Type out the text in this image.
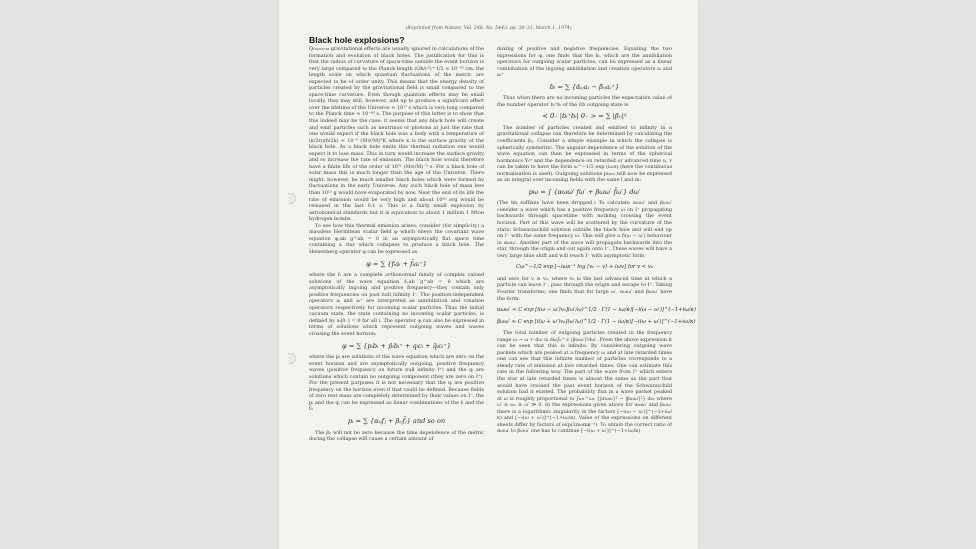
(Reprinted from Nature, Vol. 248, No. 5443, pp. 30–31, March 1, 1974)
Black hole explosions?

Quantum gravitational effects are usually ignored in calculations of the formation and evolution of black holes. The justification for this is that the radius of curvature of space-time outside the event horizon is very large compared to the Planck length (Għ/c³)^1/2 ≈ 10⁻³³ cm, the length scale on which quantum fluctuations of the metric are expected to be of order unity. This means that the energy density of particles created by the gravitational field is small compared to the space-time curvature. Even though quantum effects may be small locally, they may still, however, add up to produce a significant effect over the lifetime of the Universe ≈ 10¹⁷ s which is very long compared to the Planck time ≈ 10⁻⁴³ s. The purpose of this letter is to show that this indeed may be the case: it seems that any black hole will create and emit particles such as neutrinos or photons at just the rate that one would expect if the black hole was a body with a temperature of (κ/2π)(ħ/2k) ≈ 10⁻⁶ (M⊙/M)°K where κ is the surface gravity of the black hole. As a black hole emits this thermal radiation one would expect it to lose mass. This in turn would increase the surface gravity and so increase the rate of emission. The black hole would therefore have a finite life of the order of 10⁷¹ (M⊙/M)⁻³ s. For a black hole of solar mass this is much longer than the age of the Universe. There might, however, be much smaller black holes which were formed by fluctuations in the early Universe. Any such black hole of mass less than 10¹⁵ g would have evaporated by now. Near the end of its life the rate of emission would be very high and about 10³⁰ erg would be released in the last 0.1 s. This is a fairly small explosion by astronomical standards but it is equivalent to about 1 million 1 Mton hydrogen bombs.

To see how this thermal emission arises, consider (for simplicity) a massless Hermitean scalar field φ which obeys the covariant wave equation φ;ab g^ab = 0 in an asymptotically flat space time containing a star which collapses to produce a black hole. The Heisenberg operator φ can be expressed as

φ = ∑ {fᵢaᵢ + f̄ᵢaᵢ⁺}

where the fᵢ are a complete orthonormal family of complex valued solutions of the wave equation fᵢ;ab g^ab = 0 which are asymptotically ingoing and positive frequency—they contain only positive frequencies on past null infinity I⁻. The position-independent operators aᵢ and aᵢ⁺ are interpreted as annihilation and creation operators respectively for incoming scalar particles. Thus the initial vacuum state, the state containing no incoming scalar particles, is defined by aᵢ|0₋⟩ = 0 for all i. The operator φ can also be expressed in terms of solutions which represent outgoing waves and waves crossing the event horizon:

φ = ∑ {pᵢbᵢ + p̄ᵢbᵢ⁺ + qᵢcᵢ + q̄ᵢcᵢ⁺}

where the pᵢ are solutions of the wave equation which are zero on the event horizon and are asymptotically outgoing, positive frequency waves (positive frequency on future null infinity I⁺) and the qᵢ are solutions which contain no outgoing component (they are zero on I⁺). For the present purposes it is not necessary that the qᵢ are positive frequency on the horizon even if that could be defined. Because fields of zero rest mass are completely determined by their values on I⁻, the pᵢ and the qᵢ can be expressed as linear combinations of the fᵢ and the f̄ᵢ:

pᵢ = ∑ {αᵢⱼfⱼ + βᵢⱼf̄ⱼ} and so on

The βᵢⱼ will not be zero because the time dependence of the metric during the collapse will cause a certain amount of

mixing of positive and negative frequencies. Equating the two expressions for φ, one finds that the bᵢ, which are the annihilation operators for outgoing scalar particles, can be expressed as a linear combination of the ingoing annihilation and creation operators aᵢ and aᵢ⁺

bᵢ = ∑ {ᾱᵢⱼaⱼ − β̄ᵢⱼaⱼ⁺}

Thus when there are no incoming particles the expectation value of the number operator bᵢ⁺bᵢ of the ith outgoing state is

< 0₋ |bᵢ⁺bᵢ| 0₋ > = ∑ |βᵢⱼ|²

The number of particles created and emitted to infinity in a gravitational collapse can therefore be determined by calculating the coefficients βᵢⱼ. Consider a simple example in which the collapse is spherically symmetric. The angular dependence of the solution of the wave equation can then be expressed in terms of the spherical harmonics Yₗᵐ and the dependence on retarded or advanced time u, v can be taken to have the form ω^−1/2 exp (iωu) (here the continuous normalisation is used). Outgoing solutions pωₗₘ will now be expressed as an integral over incoming fields with the same l and m:

pω = ∫ {αωω′ fω′ + βωω′ f̄ω′} dω′

(The lm suffixes have been dropped.) To calculate αωω′ and βωω′ consider a wave which has a positive frequency ω on I⁺ propagating backwards through spacetime with nothing crossing the event horizon. Part of this wave will be scattered by the curvature of the static Schwarzschild solution outside the black hole and will end up on I⁻ with the same frequency ω. This will give a δ(ω − ω′) behaviour in αωω′. Another part of the wave will propagate backwards into the star, through the origin and out again onto I⁻. These waves will have a very large blue shift and will reach I⁻ with asymptotic form

Cω^−1/2 exp [−iωκ⁻¹ log (v₀ − v) + iωv] for v < v₀

and zero for v ≥ v₀, where v₀ is the last advanced time at which a particle can leave I⁻, pass through the origin and escape to I⁺. Taking Fourier transforms, one finds that for large ω′, αωω′ and βωω′ have the form:

αωω′ ≈ C exp [i(ω − ω′)v₀](ω′/ω)^1/2 · Γ(1 − iω/κ)[−i(ω − ω′)]^(−1+iω/κ)
βωω′ ≈ C exp [i(ω + ω′)v₀](ω′/ω)^1/2 · Γ(1 − iω/κ)[−i(ω + ω′)]^(−1+iω/κ)

The total number of outgoing particles created in the frequency range ω → ω + dω is dω∫₀^∞ |βωω′|²dω′. From the above expression it can be seen that this is infinite. By considering outgoing wave packets which are peaked at a frequency ω and at late retarded times one can see that this infinite number of particles corresponds to a steady rate of emission at late retarded times. One can estimate this rate in the following way. The part of the wave from I⁺ which enters the star at late retarded times is almost the same as the part that would have crossed the past event horizon of the Schwarzschild solution had it existed. The probability flux in a wave packet peaked at ω is roughly proportional to ∫ω₁^ω₂ {|αωω′|² − |βωω′|²} dω where ω′ ≥ ω₁ ≥ ω′ ≫ 0. In the expressions given above for αωω′ and βωω′ there is a logarithmic singularity in the factors [−i(ω − ω′)]^(−1+iω/κ) and [−i(ω + ω′)]^(−1+iω/κ). Value of the expressions on different sheets differ by factors of exp(2πωmκ⁻¹). To obtain the correct ratio of αωω′ to βωω′ one has to continue [−i(ω + ω′)]^(−1+iω/κ)
